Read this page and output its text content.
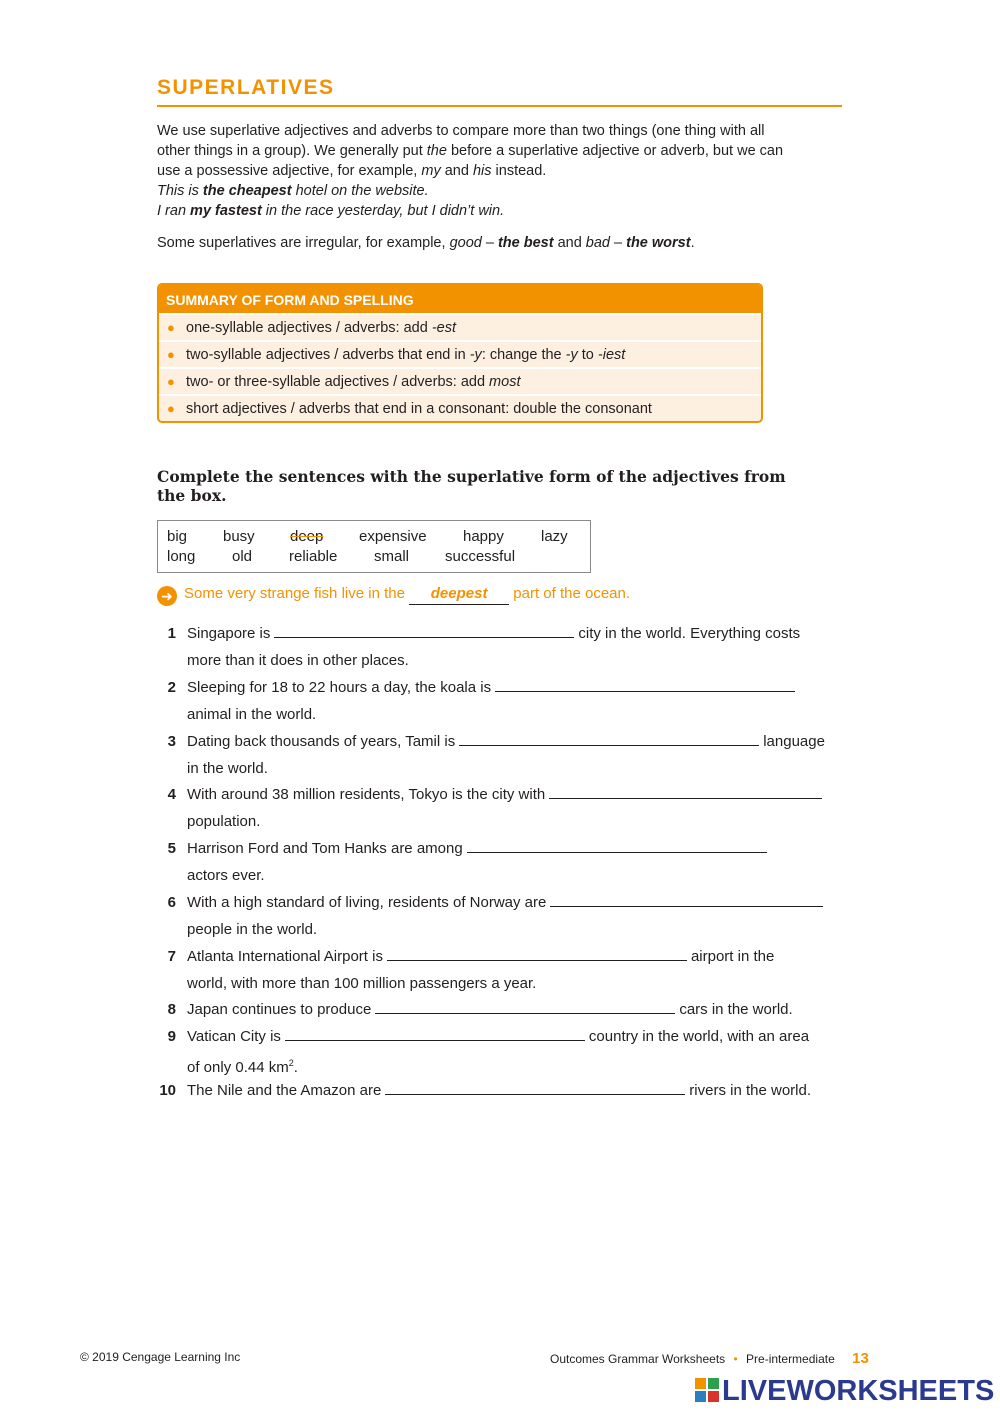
SUPERLATIVES

We use superlative adjectives and adverbs to compare more than two things (one thing with all

other things in a group). We generally put the before a superlative adjective or adverb, but we can

use a possessive adjective, for example, my and his instead.

This is the cheapest hotel on the website.

I ran my fastest in the race yesterday, but I didn’t win.

Some superlatives are irregular, for example, good – the best and bad – the worst.

SUMMARY OF FORM AND SPELLING
● one-syllable adjectives / adverbs: add -est
● two-syllable adjectives / adverbs that end in -y: change the -y to -iest
● two- or three-syllable adjectives / adverbs: add most
● short adjectives / adverbs that end in a consonant: double the consonant
Complete the sentences with the superlative form of the adjectives from the box.
big busy deep expensive happy lazy
long old reliable small successful
➜ Some very strange fish live in the deepest part of the ocean.
1 Singapore is	city in the world. Everything costs
more than it does in other places.
2 Sleeping for 18 to 22 hours a day, the koala is
animal in the world.
3 Dating back thousands of years, Tamil is	language
in the world.
4 With around 38 million residents, Tokyo is the city with
population.
5 Harrison Ford and Tom Hanks are among
actors ever.
6 With a high standard of living, residents of Norway are
people in the world.
7 Atlanta International Airport is	airport in the
world, with more than 100 million passengers a year.
8 Japan continues to produce	cars in the world.
9 Vatican City is	country in the world, with an area
of only 0.44 $km^2$.
10 The Nile and the Amazon are	rivers in the world.
© 2019 Cengage Learning Inc	Outcomes Grammar Worksheets • Pre-intermediate 13
LIVEWORKSHEETS
